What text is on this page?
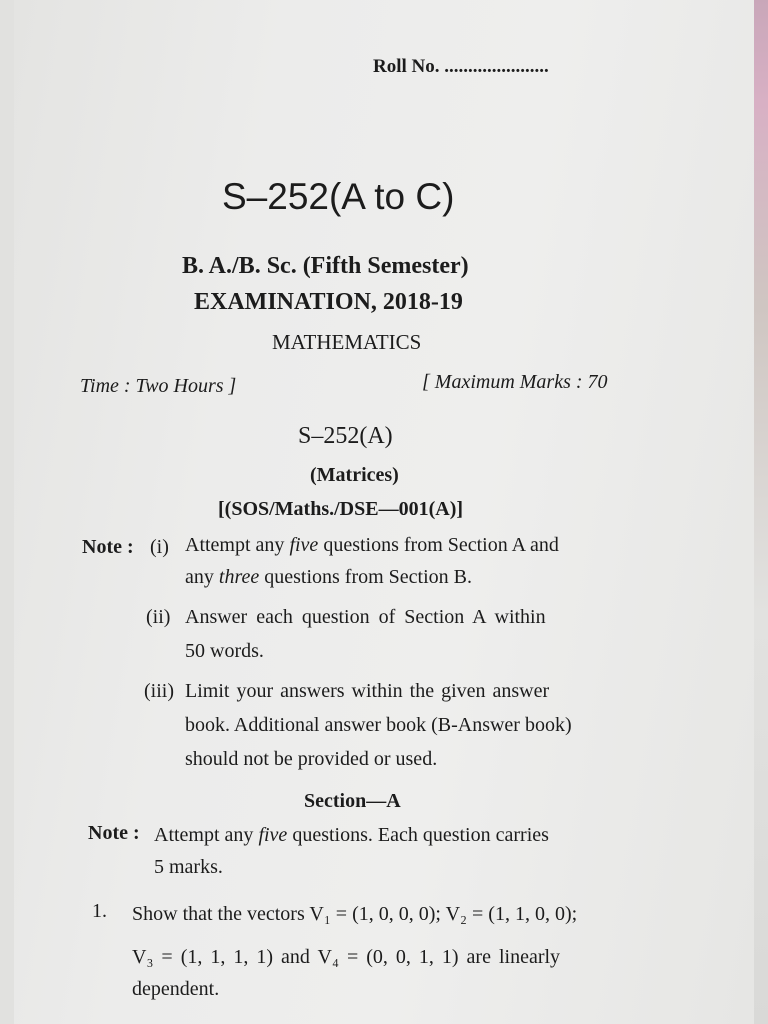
Roll No. ......................
S–252(A to C)
B. A./B. Sc. (Fifth Semester)
EXAMINATION, 2018-19
MATHEMATICS
Time : Two Hours ]	[ Maximum Marks : 70
S–252(A)
(Matrices)
[(SOS/Maths./DSE—001(A)]
Note : (i) Attempt any five questions from Section A and
any three questions from Section B.
(ii) Answer each question of Section A within
50 words.
(iii) Limit your answers within the given answer
book. Additional answer book (B-Answer book)
should not be provided or used.
Section—A
Note : Attempt any five questions. Each question carries
5 marks.
1. Show that the vectors V₁ = (1, 0, 0, 0); V₂ = (1, 1, 0, 0);
V₃ = (1, 1, 1, 1) and V₄ = (0, 0, 1, 1) are linearly
dependent.
